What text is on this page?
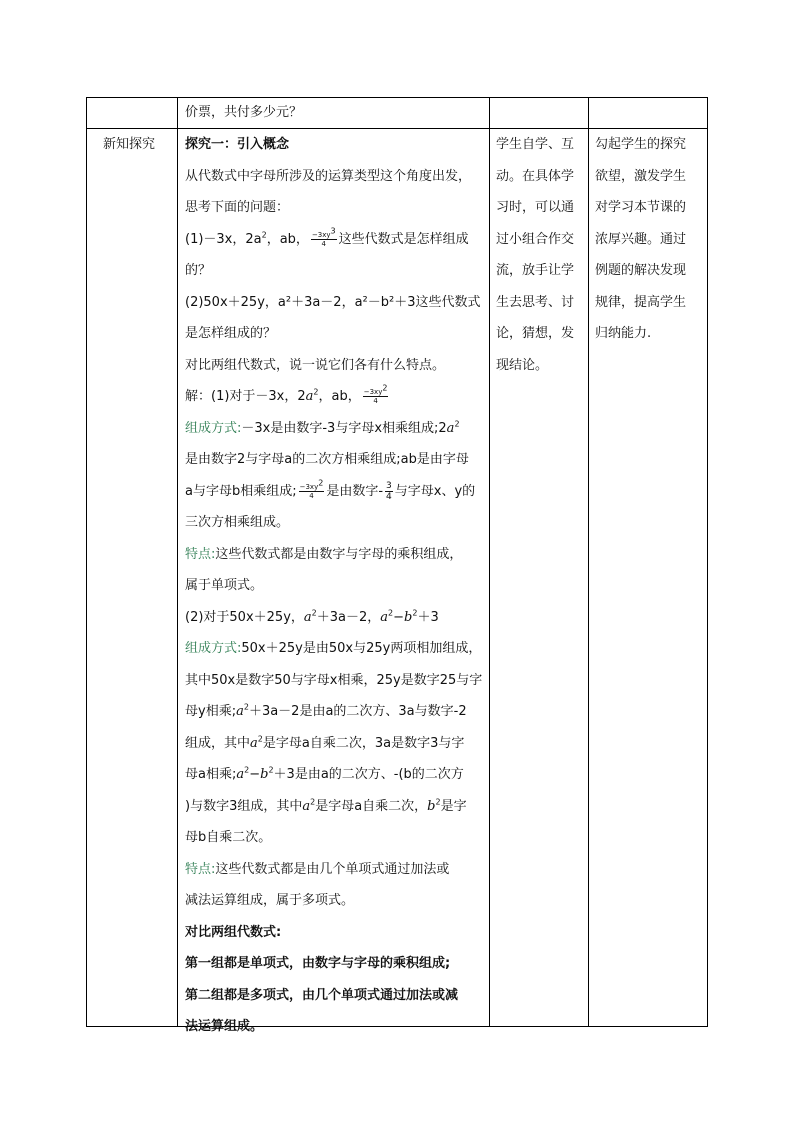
价票，共付多少元？
新知探究	探究一：引入概念
从代数式中字母所涉及的运算类型这个角度出发，
思考下面的问题：
(1)－3x，$2a^2$，ab， $\frac{-3xy^3}{4}$ 这些代数式是怎样组成
的？
(2)50x＋25y，a²＋3a－2，a²－b²＋3这些代数式
是怎样组成的？
对比两组代数式，说一说它们各有什么特点。
解：(1)对于－3x，$2a^2$，ab， $\frac{-3xy^2}{4}$
组成方式:－3x是由数字-3与字母x相乘组成$;2a^2$
是由数字2与字母a的二次方相乘组成;ab是由字母
a与字母b相乘组成; $\frac{-3xy^2}{4}$ 是由数字- $\frac{3}{4}$ 与字母x、y的
三次方相乘组成。
特点:这些代数式都是由数字与字母的乘积组成，
属于单项式。
(2)对于50x＋25y，$a^2+3a-2$，$a^2-b^2+3$
组成方式:50x＋25y是由50x与25y两项相加组成，
其中50x是数字50与字母x相乘，25y是数字25与字
母y相乘$;a^2+3a-2$是由a的二次方、3a与数字-2
组成，其中$a^2$是字母a自乘二次，3a是数字3与字
母a相乘$;a^2-b^2+3$是由a的二次方、-(b的二次方
)与数字3组成，其中$a^2$是字母a自乘二次，$b^2$是字
母b自乘二次。
特点:这些代数式都是由几个单项式通过加法或
减法运算组成，属于多项式。
对比两组代数式:
第一组都是单项式，由数字与字母的乘积组成;
第二组都是多项式，由几个单项式通过加法或减
法运算组成。
学生自学、互
动。在具体学
习时，可以通
过小组合作交
流，放手让学
生去思考、讨
论，猜想，发
现结论。
勾起学生的探究
欲望，激发学生
对学习本节课的
浓厚兴趣。通过
例题的解决发现
规律，提高学生
归纳能力.
